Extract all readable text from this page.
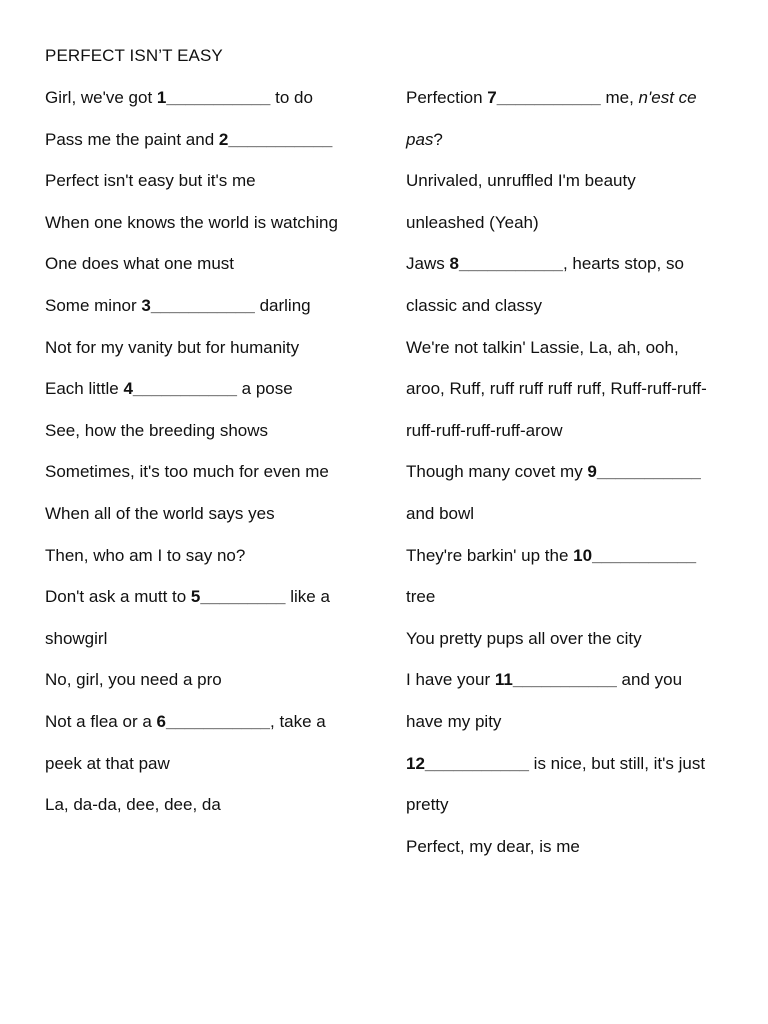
PERFECT ISN’T EASY
Girl, we've got 1___________ to do
Pass me the paint and 2___________
Perfect isn't easy but it's me
When one knows the world is watching
One does what one must
Some minor 3___________ darling
Not for my vanity but for humanity
Each little 4___________ a pose
See, how the breeding shows
Sometimes, it's too much for even me
When all of the world says yes
Then, who am I to say no?
Don't ask a mutt to 5_________ like a
showgirl
No, girl, you need a pro
Not a flea or a 6___________, take a
peek at that paw
La, da-da, dee, dee, da
Perfection 7___________ me, n'est ce
pas?
Unrivaled, unruffled I'm beauty
unleashed (Yeah)
Jaws 8___________, hearts stop, so
classic and classy
We're not talkin' Lassie, La, ah, ooh,
aroo, Ruff, ruff ruff ruff ruff, Ruff-ruff-ruff-
ruff-ruff-ruff-ruff-arow
Though many covet my 9___________
and bowl
They're barkin' up the 10___________
tree
You pretty pups all over the city
I have your 11___________ and you
have my pity
12___________ is nice, but still, it's just
pretty
Perfect, my dear, is me
